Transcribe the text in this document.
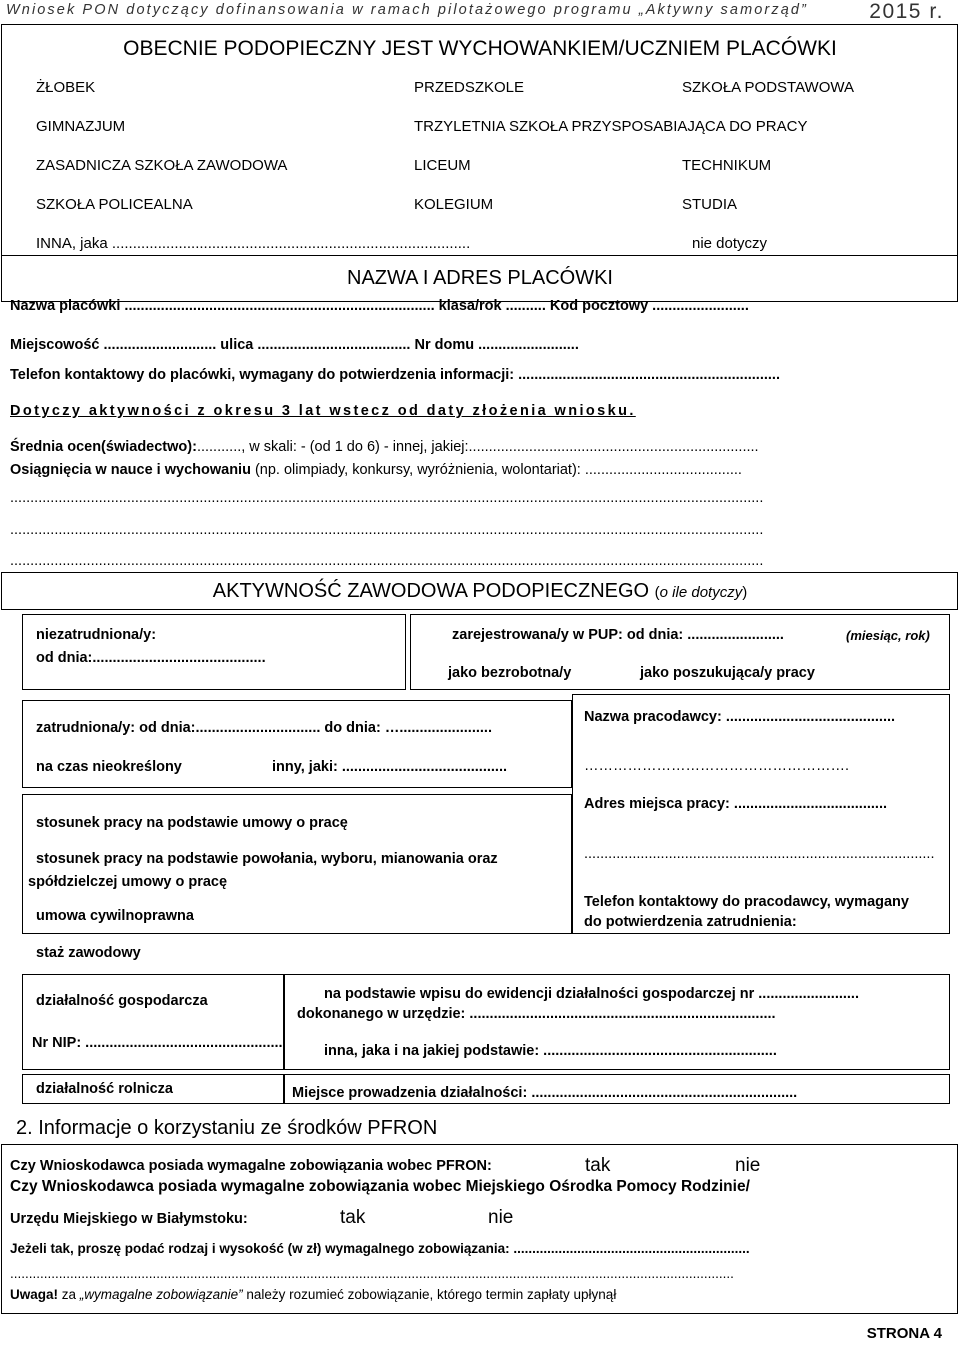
Wniosek PON dotyczący dofinansowania w ramach pilotażowego programu „Aktywny samorząd”	2015 r.
OBECNIE PODOPIECZNY JEST WYCHOWANKIEM/UCZNIEM PLACÓWKI
ŻŁOBEK	PRZEDSZKOLE	SZKOŁA PODSTAWOWA
GIMNAZJUM	TRZYLETNIA SZKOŁA PRZYSPOSABIAJĄCA DO PRACY
ZASADNICZA SZKOŁA ZAWODOWA	LICEUM	TECHNIKUM
SZKOŁA POLICEALNA	KOLEGIUM	STUDIA
INNA, jaka ......................................................................................	nie dotyczy
NAZWA I ADRES PLACÓWKI
Nazwa placówki ............................................................................. klasa/rok .......... Kod pocztowy ........................
Miejscowość ............................ ulica ...................................... Nr domu .........................
Telefon kontaktowy do placówki, wymagany do potwierdzenia informacji: .................................................................
Dotyczy aktywności z okresu 3 lat wstecz od daty złożenia wniosku.
Średnia ocen(świadectwo):..........., w skali: - (od 1 do 6) - innej, jakiej:........................................................................
Osiągnięcia w nauce i wychowaniu (np. olimpiady, konkursy, wyróżnienia, wolontariat): .......................................
...........................................................................................................................................................................................
...........................................................................................................................................................................................
...........................................................................................................................................................................................
AKTYWNOŚĆ ZAWODOWA PODOPIECZNEGO (o ile dotyczy)
niezatrudniona/y:
od dnia:...........................................
zarejestrowana/y w PUP: od dnia: ........................	(miesiąc, rok)
jako bezrobotna/y	jako poszukująca/y pracy
zatrudniona/y: od dnia:............................... do dnia: ….......................
na czas nieokreślony	inny, jaki: .........................................
Nazwa pracodawcy: ..........................................
……………………………………………….
Adres miejsca pracy: ......................................
.......................................................................................
Telefon kontaktowy do pracodawcy, wymagany
do potwierdzenia zatrudnienia:
stosunek pracy na podstawie umowy o pracę
stosunek pracy na podstawie powołania, wyboru, mianowania oraz
spółdzielczej umowy o pracę
umowa cywilnoprawna
staż zawodowy
działalność gospodarcza
Nr NIP: .................................................
na podstawie wpisu do ewidencji działalności gospodarczej nr .........................
dokonanego w urzędzie: ............................................................................
inna, jaka i na jakiej podstawie: ..........................................................
działalność rolnicza	Miejsce prowadzenia działalności: ..................................................................
2. Informacje o korzystaniu ze środków PFRON
Czy Wnioskodawca posiada wymagalne zobowiązania wobec PFRON:	tak	nie
Czy Wnioskodawca posiada wymagalne zobowiązania wobec Miejskiego Ośrodka Pomocy Rodzinie/
Urzędu Miejskiego w Białymstoku:	tak	nie
Jeżeli tak, proszę podać rodzaj i wysokość (w zł) wymagalnego zobowiązania: ...............................................................
.................................................................................................................................................................................................
Uwaga! za „wymagalne zobowiązanie” należy rozumieć zobowiązanie, którego termin zapłaty upłynął
STRONA 4
